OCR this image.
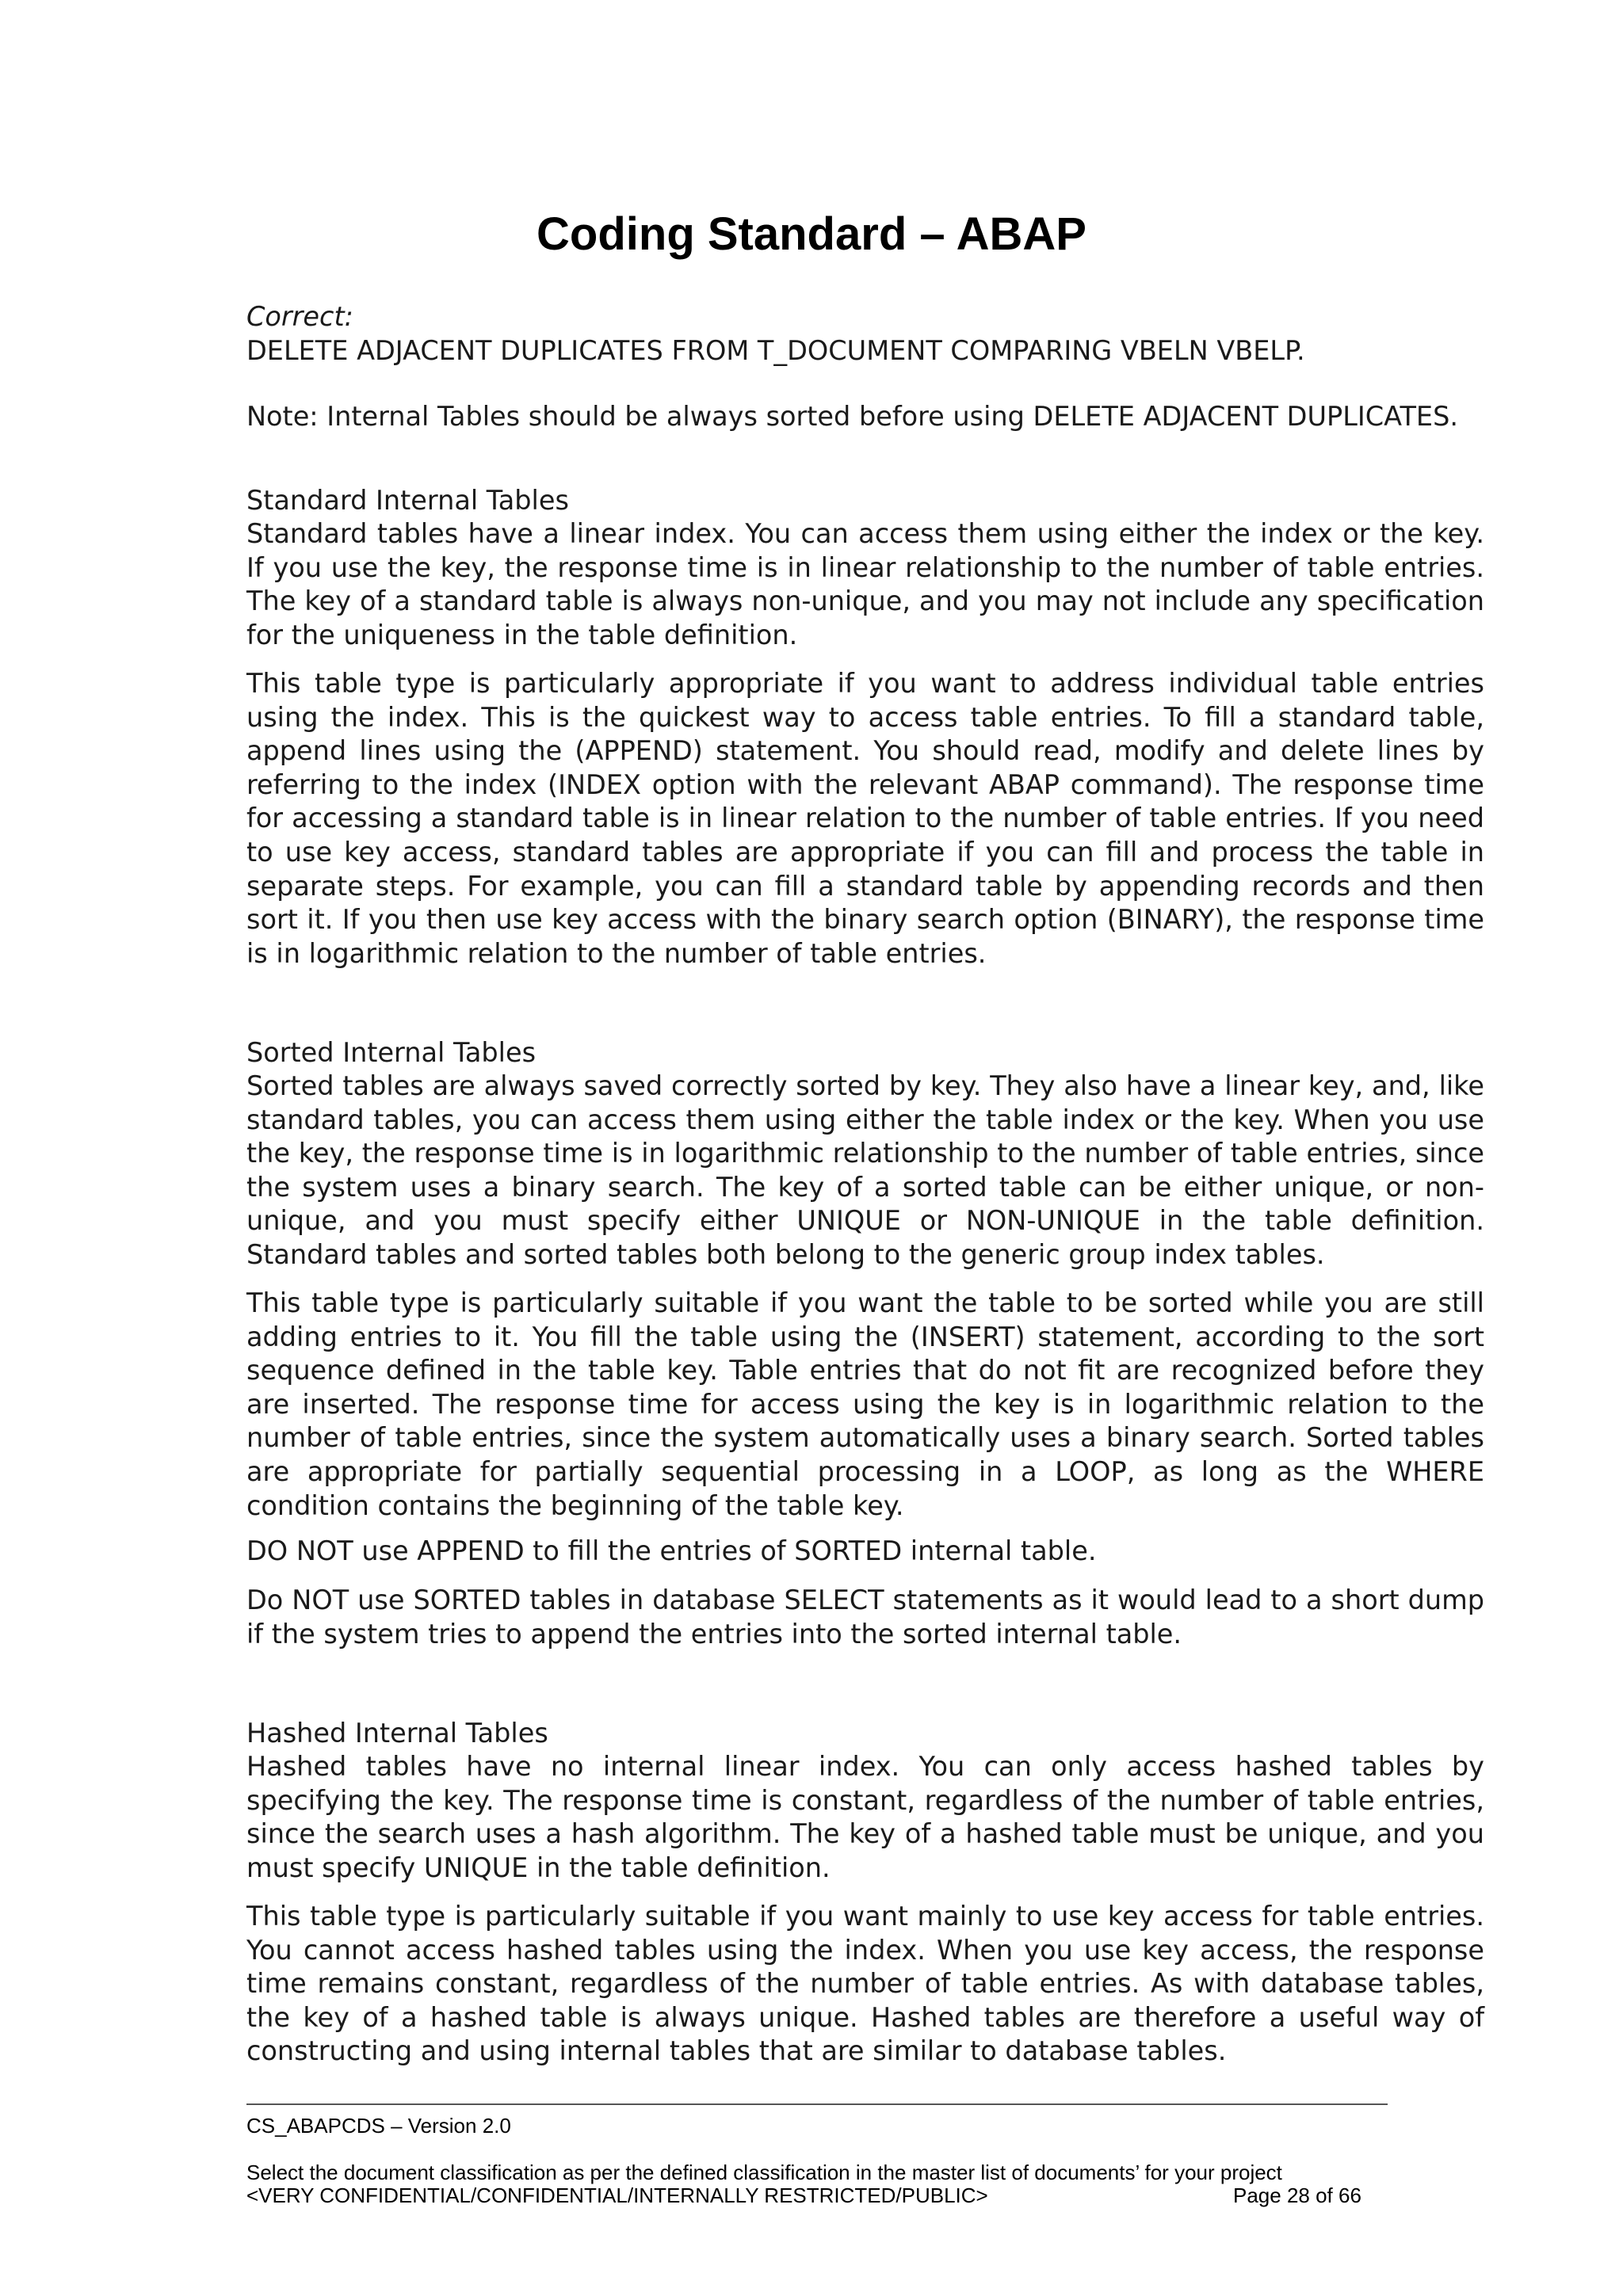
Coding Standard – ABAP

Correct:

DELETE ADJACENT DUPLICATES FROM T_DOCUMENT COMPARING VBELN VBELP.

Note: Internal Tables should be always sorted before using DELETE ADJACENT DUPLICATES.

Standard Internal Tables

Standard tables have a linear index. You can access them using either the index or the key. If you use the key, the response time is in linear relationship to the number of table entries. The key of a standard table is always non-unique, and you may not include any specification for the uniqueness in the table definition.

This table type is particularly appropriate if you want to address individual table entries using the index. This is the quickest way to access table entries. To fill a standard table, append lines using the (APPEND) statement. You should read, modify and delete lines by referring to the index (INDEX option with the relevant ABAP command). The response time for accessing a standard table is in linear relation to the number of table entries. If you need to use key access, standard tables are appropriate if you can fill and process the table in separate steps. For example, you can fill a standard table by appending records and then sort it. If you then use key access with the binary search option (BINARY), the response time is in logarithmic relation to the number of table entries.

Sorted Internal Tables

Sorted tables are always saved correctly sorted by key. They also have a linear key, and, like standard tables, you can access them using either the table index or the key. When you use the key, the response time is in logarithmic relationship to the number of table entries, since the system uses a binary search. The key of a sorted table can be either unique, or non-unique, and you must specify either UNIQUE or NON-UNIQUE in the table definition. Standard tables and sorted tables both belong to the generic group index tables.

This table type is particularly suitable if you want the table to be sorted while you are still adding entries to it. You fill the table using the (INSERT) statement, according to the sort sequence defined in the table key. Table entries that do not fit are recognized before they are inserted. The response time for access using the key is in logarithmic relation to the number of table entries, since the system automatically uses a binary search. Sorted tables are appropriate for partially sequential processing in a LOOP, as long as the WHERE condition contains the beginning of the table key.

DO NOT use APPEND to fill the entries of SORTED internal table.

Do NOT use SORTED tables in database SELECT statements as it would lead to a short dump if the system tries to append the entries into the sorted internal table.

Hashed Internal Tables

Hashed tables have no internal linear index. You can only access hashed tables by specifying the key. The response time is constant, regardless of the number of table entries, since the search uses a hash algorithm. The key of a hashed table must be unique, and you must specify UNIQUE in the table definition.

This table type is particularly suitable if you want mainly to use key access for table entries. You cannot access hashed tables using the index. When you use key access, the response time remains constant, regardless of the number of table entries. As with database tables, the key of a hashed table is always unique. Hashed tables are therefore a useful way of constructing and using internal tables that are similar to database tables.

CS_ABAPCDS – Version 2.0

Select the document classification as per the defined classification in the master list of documents’ for your project

<VERY CONFIDENTIAL/CONFIDENTIAL/INTERNALLY RESTRICTED/PUBLIC>	Page 28 of 66
